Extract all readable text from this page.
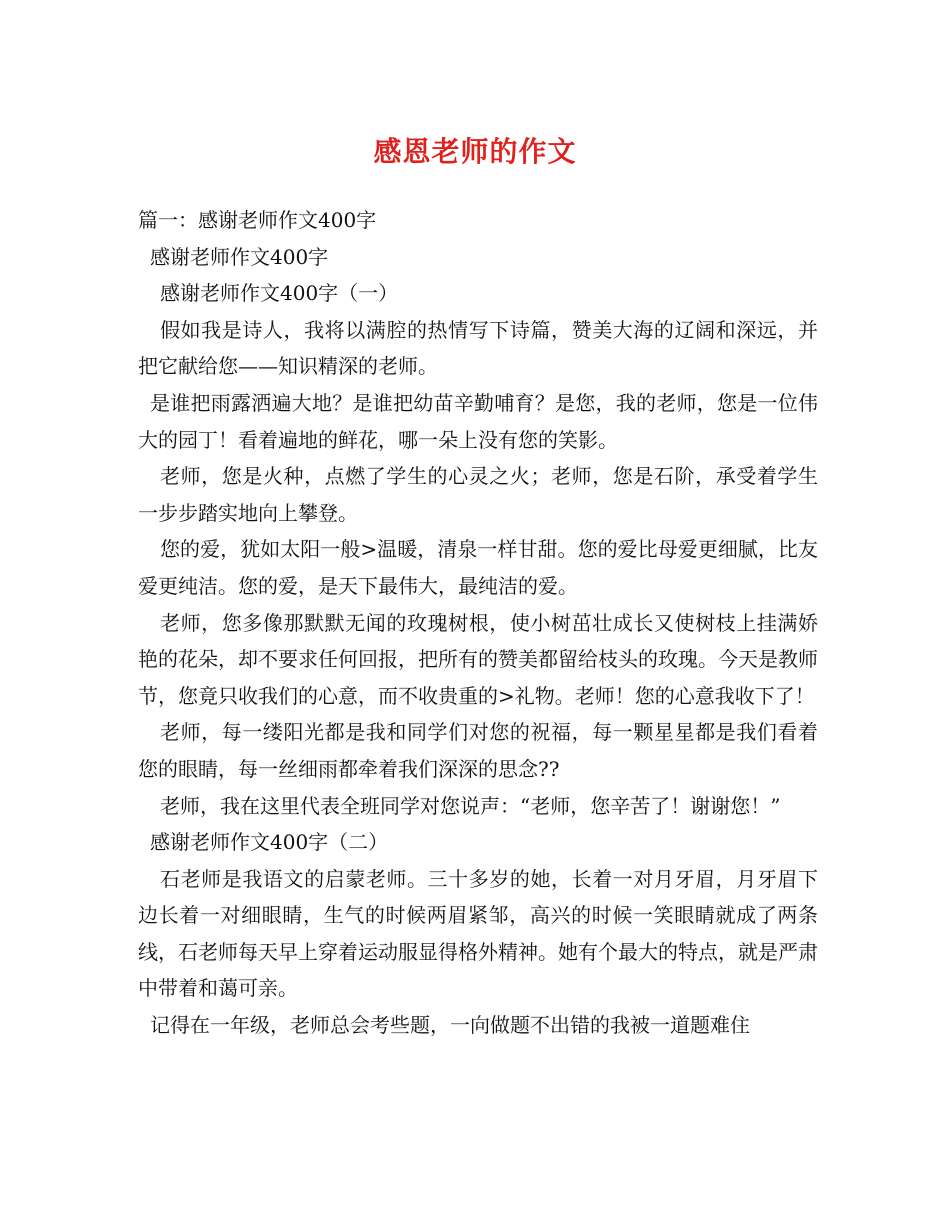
感恩老师的作文

篇一：感谢老师作文400字

感谢老师作文400字

感谢老师作文400字（一）

假如我是诗人，我将以满腔的热情写下诗篇，赞美大海的辽阔和深远，并把它献给您——知识精深的老师。

是谁把雨露洒遍大地？是谁把幼苗辛勤哺育？是您，我的老师，您是一位伟大的园丁！看着遍地的鲜花，哪一朵上没有您的笑影。

老师，您是火种，点燃了学生的心灵之火；老师，您是石阶，承受着学生一步步踏实地向上攀登。

您的爱，犹如太阳一般>温暖，清泉一样甘甜。您的爱比母爱更细腻，比友爱更纯洁。您的爱，是天下最伟大，最纯洁的爱。

老师，您多像那默默无闻的玫瑰树根，使小树茁壮成长又使树枝上挂满娇艳的花朵，却不要求任何回报，把所有的赞美都留给枝头的玫瑰。今天是教师节，您竟只收我们的心意，而不收贵重的>礼物。老师！您的心意我收下了！

老师，每一缕阳光都是我和同学们对您的祝福，每一颗星星都是我们看着您的眼睛，每一丝细雨都牵着我们深深的思念??

老师，我在这里代表全班同学对您说声：“老师，您辛苦了！谢谢您！”

感谢老师作文400字（二）

石老师是我语文的启蒙老师。三十多岁的她，长着一对月牙眉，月牙眉下边长着一对细眼睛，生气的时候两眉紧邹，高兴的时候一笑眼睛就成了两条线，石老师每天早上穿着运动服显得格外精神。她有个最大的特点，就是严肃中带着和蔼可亲。

记得在一年级，老师总会考些题，一向做题不出错的我被一道题难住
